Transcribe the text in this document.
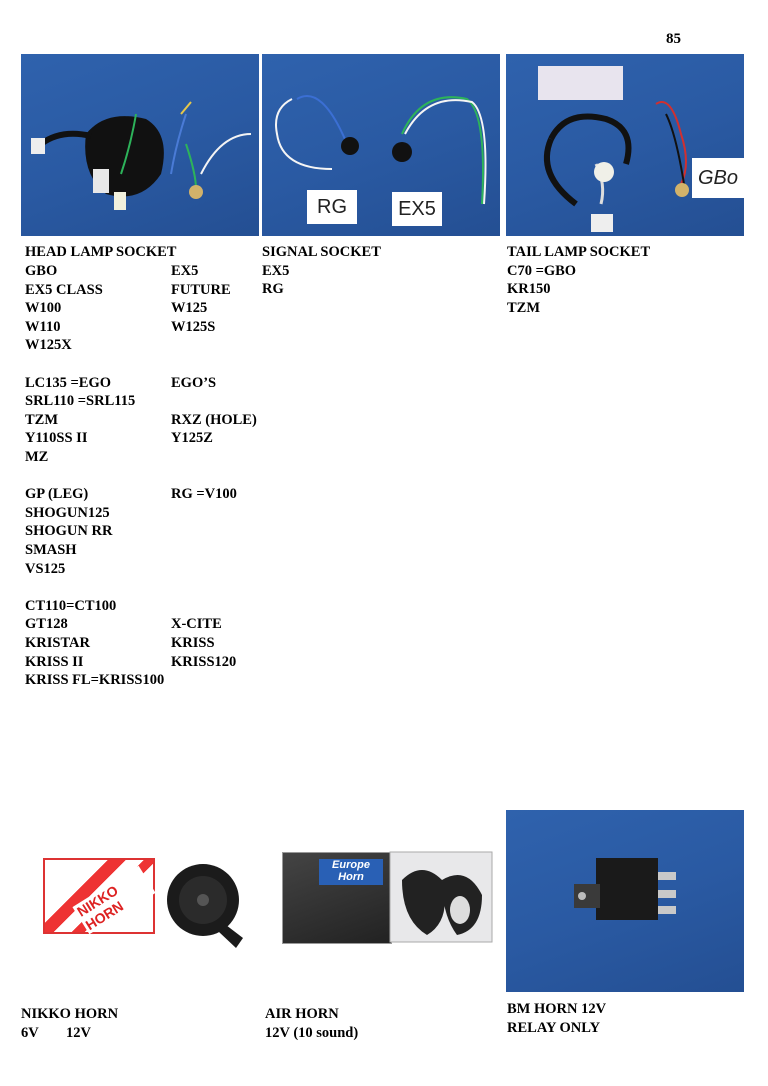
85
RG	EX5
GBo
HEAD LAMP SOCKET
GBO
EX5 CLASS
W100
W110
W125X
LC135 =EGO
SRL110 =SRL115
TZM
Y110SS II
MZ
GP (LEG)
SHOGUN125
SHOGUN RR
SMASH
VS125
CT110=CT100
GT128
KRISTAR
KRISS II
KRISS FL=KRISS100
EX5
FUTURE
W125
W125S
EGO’S
RXZ (HOLE)
Y125Z
RG =V100
X-CITE
KRISS
KRISS120
SIGNAL SOCKET
EX5
RG
TAIL LAMP SOCKET
C70 =GBO
KR150
TZM
NIKKO HORN
Europe Horn
NIKKO HORN
6V 12V
AIR HORN
12V (10 sound)
BM HORN 12V
RELAY ONLY
